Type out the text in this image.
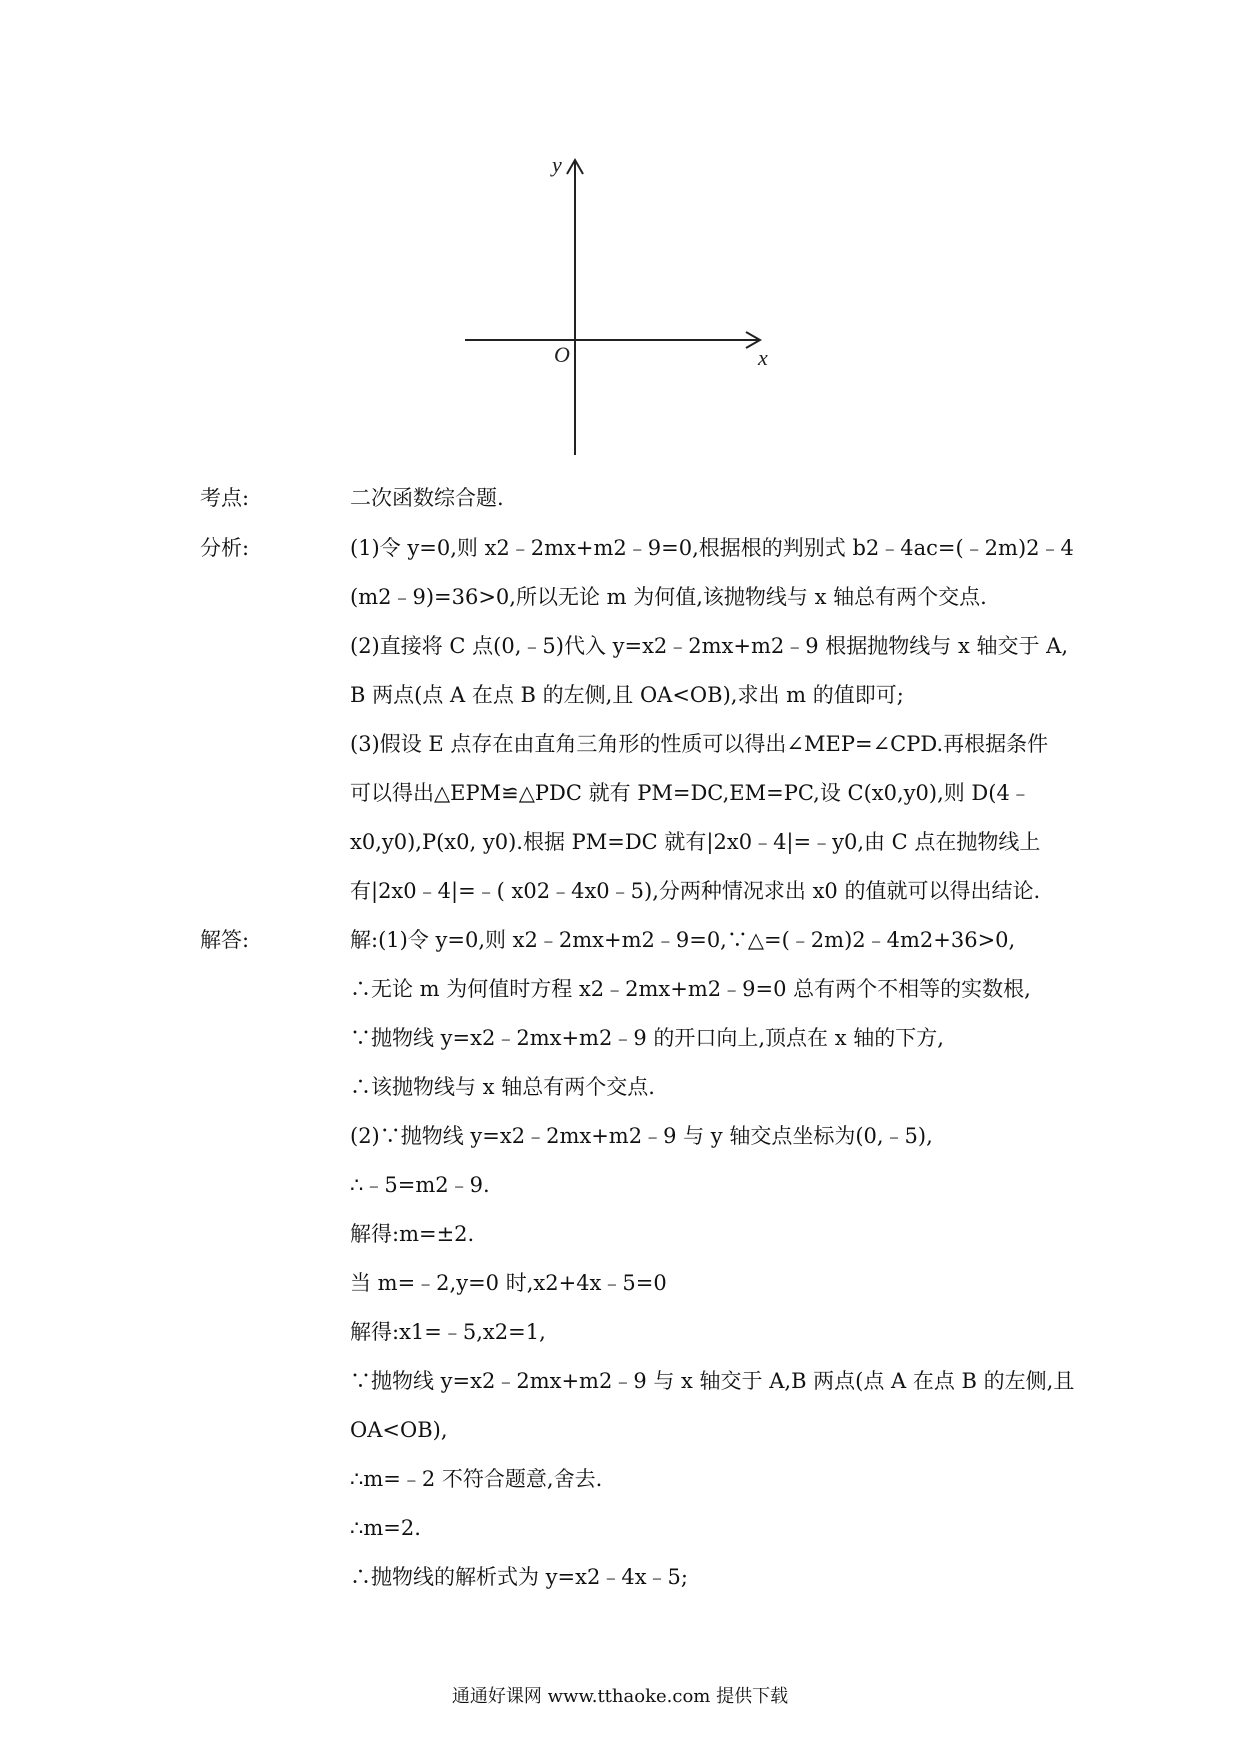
y
x
O
考点:	二次函数综合题.
分析:	(1)令 y=0,则 x2﹣2mx+m2﹣9=0,根据根的判别式 b2﹣4ac=(﹣2m)2﹣4
(m2﹣9)=36>0,所以无论 m 为何值,该抛物线与 x 轴总有两个交点.
(2)直接将 C 点(0,﹣5)代入 y=x2﹣2mx+m2﹣9 根据抛物线与 x 轴交于 A,
B 两点(点 A 在点 B 的左侧,且 OA<OB),求出 m 的值即可;
(3)假设 E 点存在由直角三角形的性质可以得出∠MEP=∠CPD.再根据条件
可以得出△EPM≌△PDC 就有 PM=DC,EM=PC,设 C(x0,y0),则 D(4﹣
x0,y0),P(x0, y0).根据 PM=DC 就有|2x0﹣4|=﹣y0,由 C 点在抛物线上
有|2x0﹣4|=﹣( x02﹣4x0﹣5),分两种情况求出 x0 的值就可以得出结论.
解答:	解:(1)令 y=0,则 x2﹣2mx+m2﹣9=0,∵△=(﹣2m)2﹣4m2+36>0,
∴无论 m 为何值时方程 x2﹣2mx+m2﹣9=0 总有两个不相等的实数根,
∵抛物线 y=x2﹣2mx+m2﹣9 的开口向上,顶点在 x 轴的下方,
∴该抛物线与 x 轴总有两个交点.
(2)∵抛物线 y=x2﹣2mx+m2﹣9 与 y 轴交点坐标为(0,﹣5),
∴﹣5=m2﹣9.
解得:m=±2.
当 m=﹣2,y=0 时,x2+4x﹣5=0
解得:x1=﹣5,x2=1,
∵抛物线 y=x2﹣2mx+m2﹣9 与 x 轴交于 A,B 两点(点 A 在点 B 的左侧,且
OA<OB),
∴m=﹣2 不符合题意,舍去.
∴m=2.
∴抛物线的解析式为 y=x2﹣4x﹣5;
通通好课网 www.tthaoke.com 提供下载
